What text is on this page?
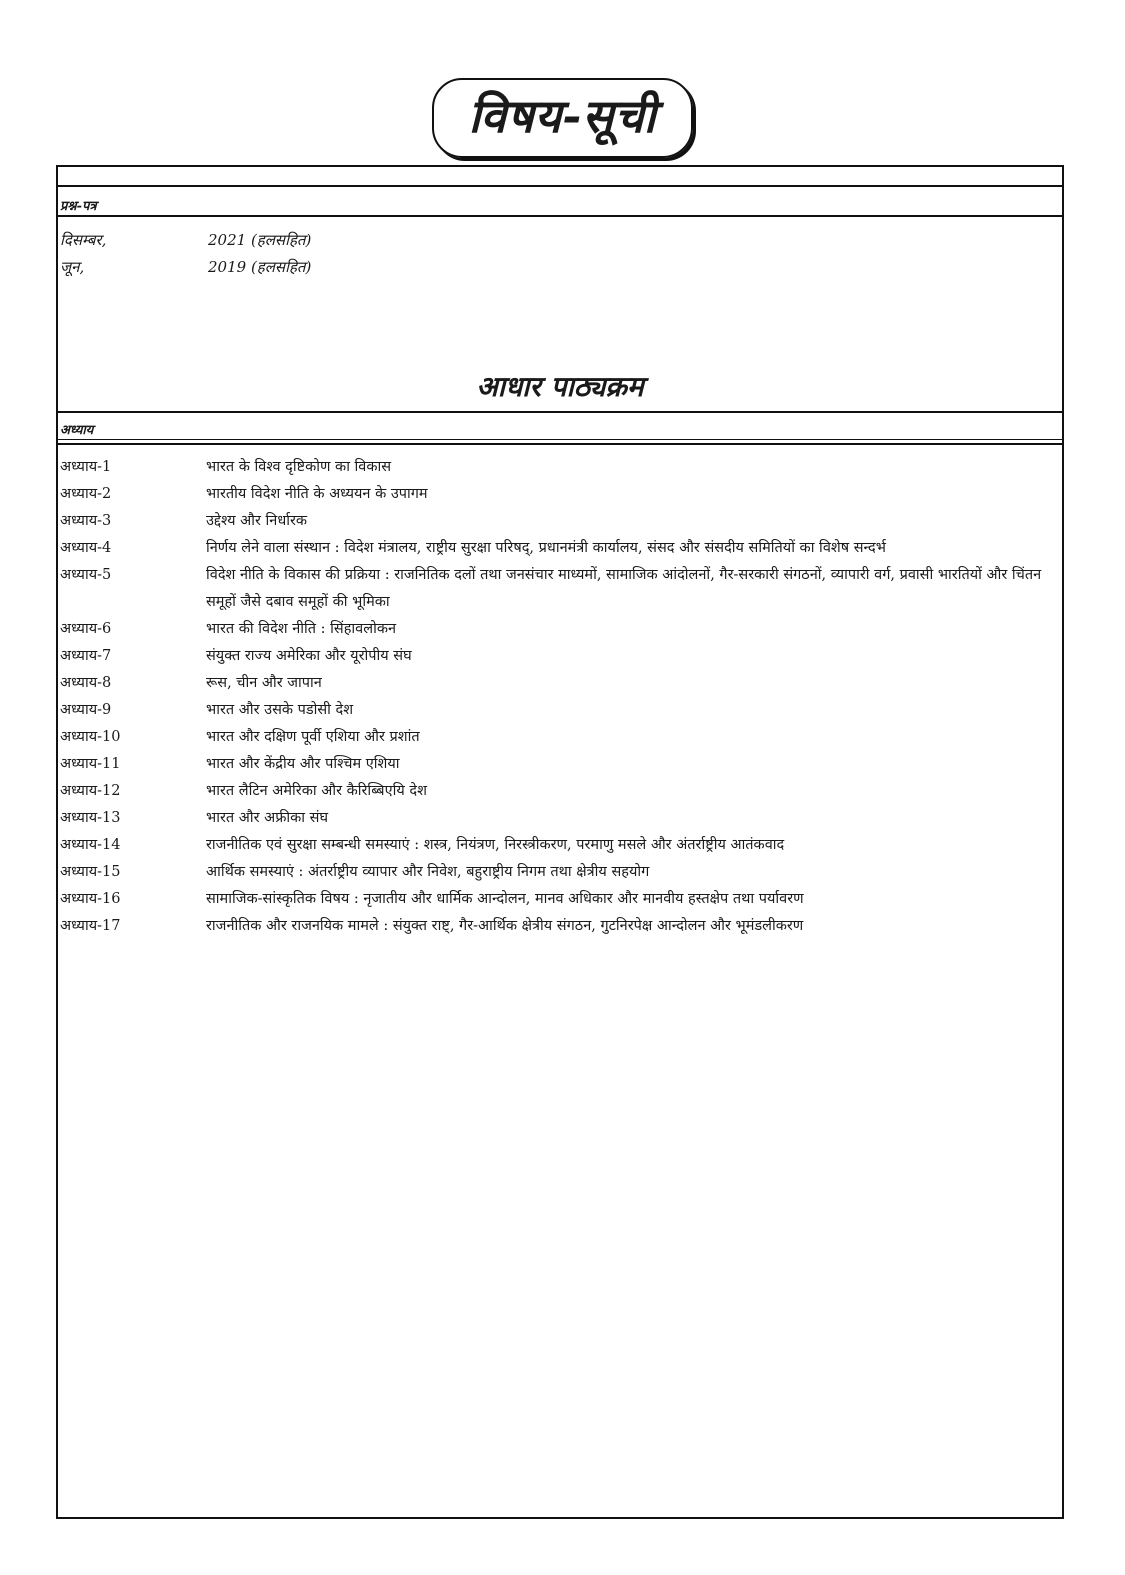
विषय-सूची
प्रश्न-पत्र
दिसम्बर,	2021 (हलसहित)
जून,	2019 (हलसहित)
आधार पाठ्यक्रम
अध्याय
अध्याय-1	भारत के विश्व दृष्टिकोण का विकास
अध्याय-2	भारतीय विदेश नीति के अध्ययन के उपागम
अध्याय-3	उद्देश्य और निर्धारक
अध्याय-4	निर्णय लेने वाला संस्थान : विदेश मंत्रालय, राष्ट्रीय सुरक्षा परिषद्, प्रधानमंत्री कार्यालय, संसद और संसदीय समितियों का विशेष सन्दर्भ
अध्याय-5	विदेश नीति के विकास की प्रक्रिया : राजनितिक दलों तथा जनसंचार माध्यमों, सामाजिक आंदोलनों, गैर-सरकारी संगठनों, व्यापारी वर्ग, प्रवासी भारतियों और चिंतन समूहों जैसे दबाव समूहों की भूमिका
अध्याय-6	भारत की विदेश नीति : सिंहावलोकन
अध्याय-7	संयुक्त राज्य अमेरिका और यूरोपीय संघ
अध्याय-8	रूस, चीन और जापान
अध्याय-9	भारत और उसके पडोसी देश
अध्याय-10	भारत और दक्षिण पूर्वी एशिया और प्रशांत
अध्याय-11	भारत और केंद्रीय और पश्चिम एशिया
अध्याय-12	भारत लैटिन अमेरिका और कैरिब्बिएयि देश
अध्याय-13	भारत और अफ्रीका संघ
अध्याय-14	राजनीतिक एवं सुरक्षा सम्बन्धी समस्याएं : शस्त्र, नियंत्रण, निरस्त्रीकरण, परमाणु मसले और अंतर्राष्ट्रीय आतंकवाद
अध्याय-15	आर्थिक समस्याएं : अंतर्राष्ट्रीय व्यापार और निवेश, बहुराष्ट्रीय निगम तथा क्षेत्रीय सहयोग
अध्याय-16	सामाजिक-सांस्कृतिक विषय : नृजातीय और धार्मिक आन्दोलन, मानव अधिकार और मानवीय हस्तक्षेप तथा पर्यावरण
अध्याय-17	राजनीतिक और राजनयिक मामले : संयुक्त राष्ट्, गैर-आर्थिक क्षेत्रीय संगठन, गुटनिरपेक्ष आन्दोलन और भूमंडलीकरण
